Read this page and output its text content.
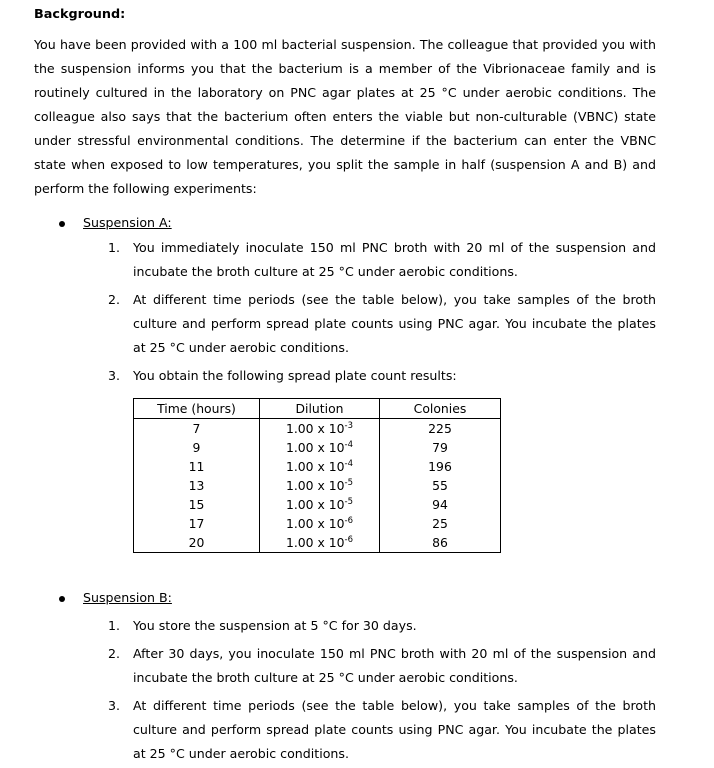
Background:

You have been provided with a 100 ml bacterial suspension. The colleague that provided you with the suspension informs you that the bacterium is a member of the Vibrionaceae family and is routinely cultured in the laboratory on PNC agar plates at 25 °C under aerobic conditions. The colleague also says that the bacterium often enters the viable but non-culturable (VBNC) state under stressful environmental conditions. The determine if the bacterium can enter the VBNC state when exposed to low temperatures, you split the sample in half (suspension A and B) and perform the following experiments:

Suspension A:
1. You immediately inoculate 150 ml PNC broth with 20 ml of the suspension and incubate the broth culture at 25 °C under aerobic conditions.
2. At different time periods (see the table below), you take samples of the broth culture and perform spread plate counts using PNC agar. You incubate the plates at 25 °C under aerobic conditions.
3. You obtain the following spread plate count results:
Time (hours)	Dilution	Colonies
7	1.00 x $10^{-3}$	225
9	1.00 x $10^{-4}$	79
11	1.00 x $10^{-4}$	196
13	1.00 x $10^{-5}$	55
15	1.00 x $10^{-5}$	94
17	1.00 x $10^{-6}$	25
20	1.00 x $10^{-6}$	86
Suspension B:
1. You store the suspension at 5 °C for 30 days.
2. After 30 days, you inoculate 150 ml PNC broth with 20 ml of the suspension and incubate the broth culture at 25 °C under aerobic conditions.
3. At different time periods (see the table below), you take samples of the broth culture and perform spread plate counts using PNC agar. You incubate the plates at 25 °C under aerobic conditions.
